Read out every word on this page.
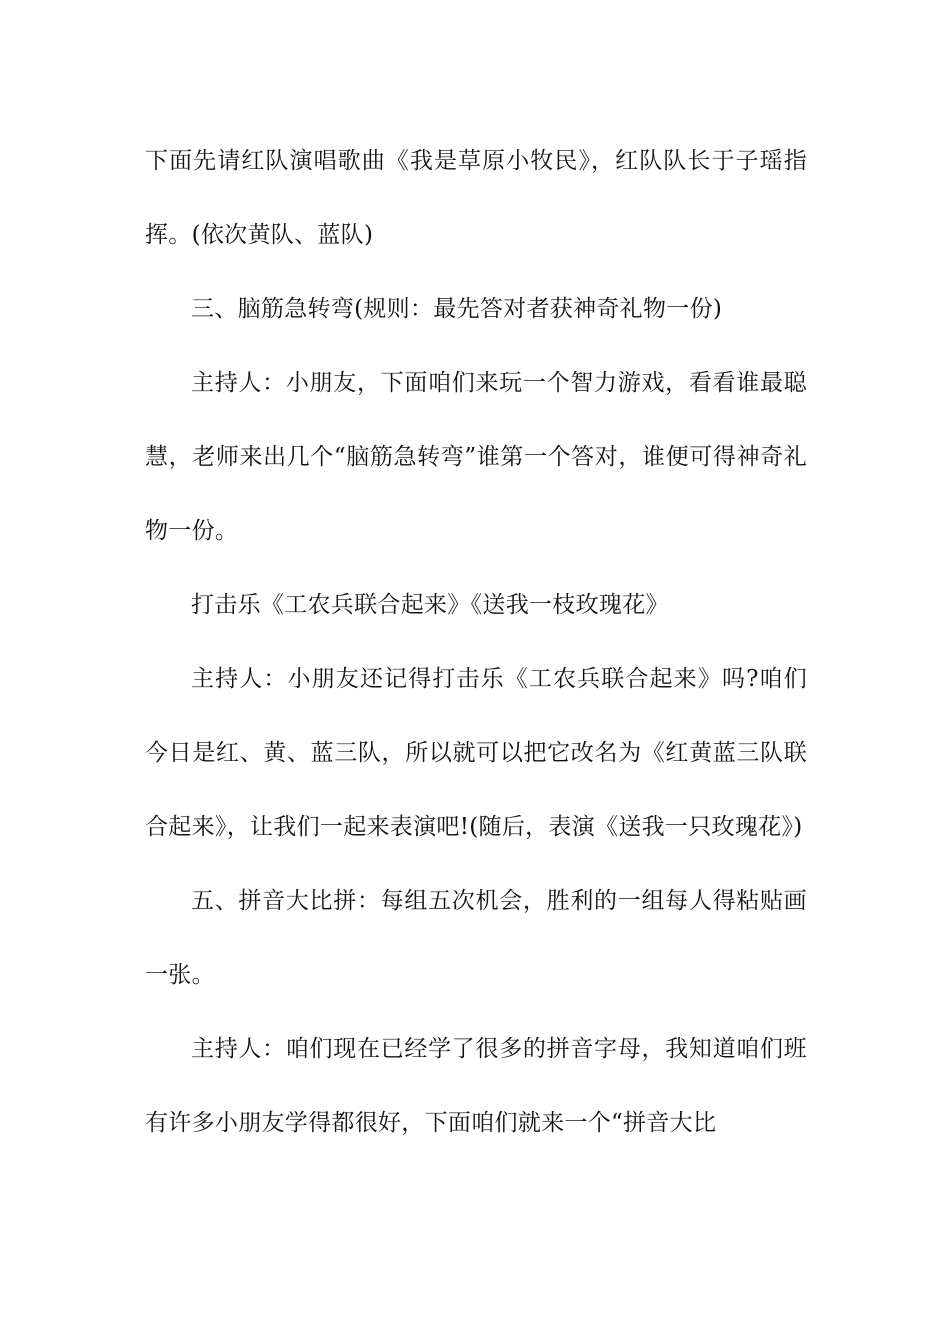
下面先请红队演唱歌曲《我是草原小牧民》，红队队长于子瑶指挥。(依次黄队、蓝队)

三、脑筋急转弯(规则：最先答对者获神奇礼物一份)

主持人：小朋友，下面咱们来玩一个智力游戏，看看谁最聪慧，老师来出几个“脑筋急转弯”谁第一个答对，谁便可得神奇礼物一份。

打击乐《工农兵联合起来》《送我一枝玫瑰花》

主持人：小朋友还记得打击乐《工农兵联合起来》吗?咱们今日是红、黄、蓝三队，所以就可以把它改名为《红黄蓝三队联合起来》，让我们一起来表演吧!(随后，表演《送我一只玫瑰花》)

五、拼音大比拼：每组五次机会，胜利的一组每人得粘贴画一张。

主持人：咱们现在已经学了很多的拼音字母，我知道咱们班有许多小朋友学得都很好，下面咱们就来一个“拼音大比
